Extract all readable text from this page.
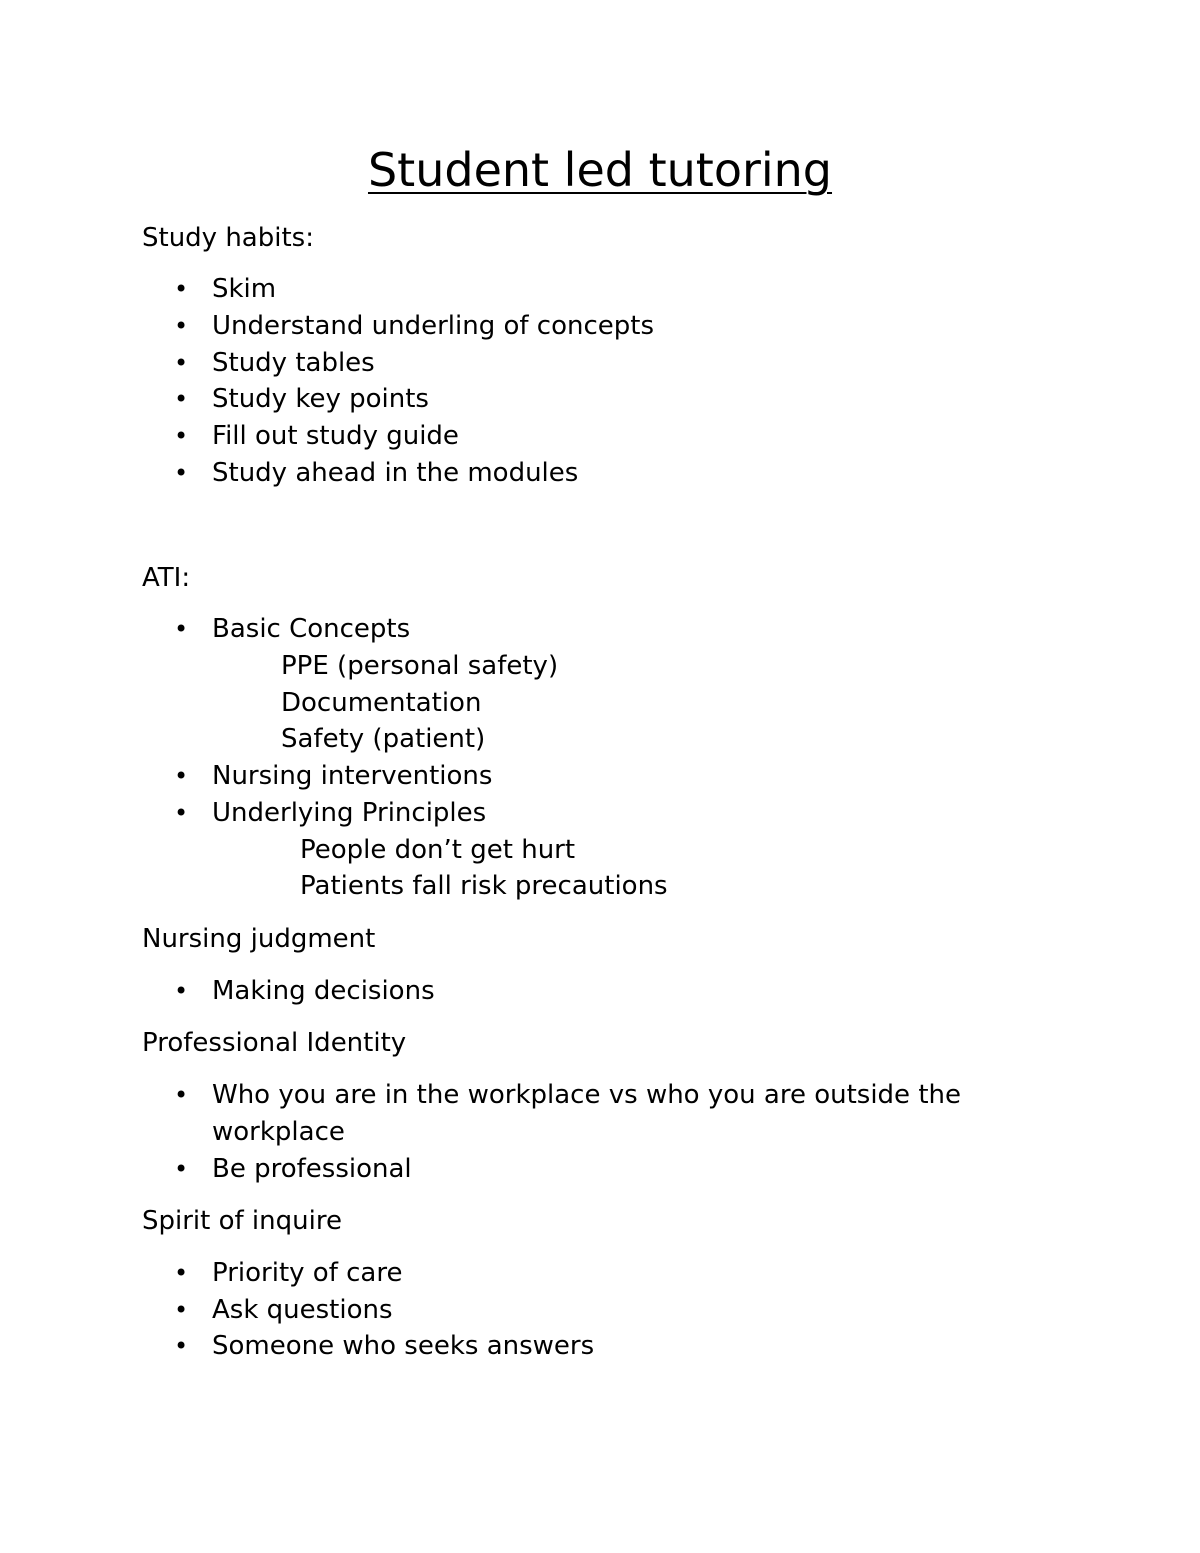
Student led tutoring
Study habits:
• Skim
• Understand underling of concepts
• Study tables
• Study key points
• Fill out study guide
• Study ahead in the modules
ATI:
• Basic Concepts
PPE (personal safety)
Documentation
Safety (patient)
• Nursing interventions
• Underlying Principles
People don’t get hurt
Patients fall risk precautions
Nursing judgment
• Making decisions
Professional Identity
• Who you are in the workplace vs who you are outside the
workplace
• Be professional
Spirit of inquire
• Priority of care
• Ask questions
• Someone who seeks answers
